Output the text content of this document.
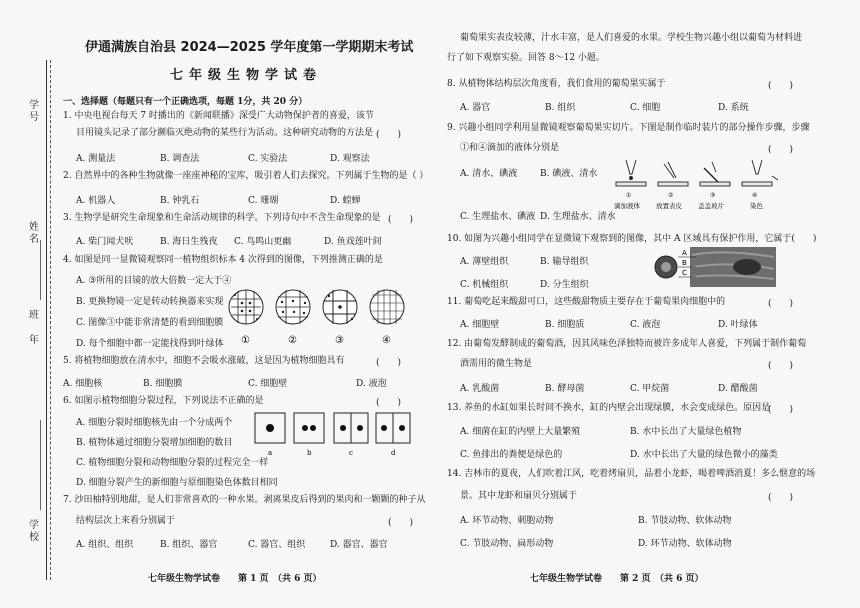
学号
姓名
班
年
学校
伊通满族自治县 2024—2025 学年度第一学期期末考试
七年级生物学试卷
一、选择题（每题只有一个正确选项，每题 1分，共 20 分）
1. 中央电视台每天 7 时播出的《新闻联播》深受广大动物保护者的喜爱，该节
目用镜头记录了部分濒临灭绝动物的某些行为活动。这种研究动物的方法是 (　　)
A. 测量法	B. 调查法	C. 实验法	D. 观察法
2. 自然界中的各种生物就像一座座神秘的宝库，吸引着人们去探究。下列属于生物的是（ ）
A. 机器人	B. 钟乳石	C. 珊瑚	D. 蝗蝉
3. 生物学是研究生命现象和生命活动规律的科学。下列诗句中不含生命现象的是 (　　)
A. 柴门闻犬吠	B. 海日生残夜 C. 鸟鸣山更幽	D. 鱼戏莲叶间
4. 如图是同一显微镜观察同一植物组织标本 4 次得到的图像，下列推测正确的是
A. ③所用的目镜的放大倍数一定大于④
B. 更换物镜一定是转动转换器来实现
C. 图像③中能非常清楚的看到细胞膜
D. 每个细胞中都一定能找得到叶绿体 ①	②	③	④
5. 将植物细胞放在清水中，细胞不会吸水涨破，这是因为植物细胞具有	(　　)
A. 细胞核	B. 细胞膜	C. 细胞壁	D. 液泡
6. 如图示植物细胞分裂过程，下列说法不正确的是	(　　)
A. 细胞分裂时细胞核先由一个分成两个
B. 植物体通过细胞分裂增加细胞的数目
C. 植物细胞分裂和动物细胞分裂的过程完全一样
D. 细胞分裂产生的新细胞与原细胞染色体数目相同
a	b	c	d
7. 沙田柚特别地甜，是人们非常喜欢的一种水果。剥离果皮后得到的果肉和一颗颗的种子从
结构层次上来看分别属于	(　　)
A. 组织、组织	B. 组织、器官	C. 器官、组织	D. 器官、器官
七年级生物学试卷　　第 1 页　（共 6 页）
葡萄果实表皮较薄，汁水丰富，是人们喜爱的水果。学校生物兴趣小组以葡萄为材料进
行了如下观察实验。回答 8～12 小题。
8. 从植物体结构层次角度看，我们食用的葡萄果实属于	(　　)
A. 器官	B. 组织	C. 细胞	D. 系统
9. 兴趣小组同学利用显微镜观察葡萄果实切片。下图是制作临时装片的部分操作步骤，步骤
①和④滴加的液体分别是	(　　)
A. 清水、碘液	B. 碘液、清水
C. 生理盐水、碘液 D. 生理盐水、清水
①	②	③	④
滴加液体 放置表皮 盖盖玻片	染色
10. 如图为兴趣小组同学在显微镜下观察到的图像，其中 A 区域具有保护作用，它属于(　　)
A. 薄壁组织	B. 输导组织
C. 机械组织	D. 分生组织
A
B
C
11. 葡萄吃起来酸甜可口，这些酸甜物质主要存在于葡萄果肉细胞中的	(　　)
A. 细胞壁	B. 细胞质	C. 液泡	D. 叶绿体
12. 由葡萄发酵制成的葡萄酒，因其风味色泽独特而被许多成年人喜爱，下列属于制作葡萄
酒需用的微生物是	(　　)
A. 乳酸菌	B. 酵母菌	C. 甲烷菌	D. 醋酸菌
13. 养鱼的水缸如果长时间不换水，缸的内壁会出现绿膜，水会变成绿色。原因是
(　　)
A. 细菌在缸的内壁上大量繁殖	B. 水中长出了大量绿色植物
C. 鱼排出的粪便是绿色的	D. 水中长出了大量的绿色微小的藻类
14. 吉林市的夏夜，人们吹着江风，吃着烤扇贝，品着小龙虾，喝着啤酒消夏！多么惬意的场
景。其中龙虾和扇贝分别属于	(　　)
A. 环节动物、刺胞动物	B. 节肢动物、软体动物
C. 节肢动物、扁形动物	D. 环节动物、软体动物
七年级生物学试卷　　第 2 页　（共 6 页）
